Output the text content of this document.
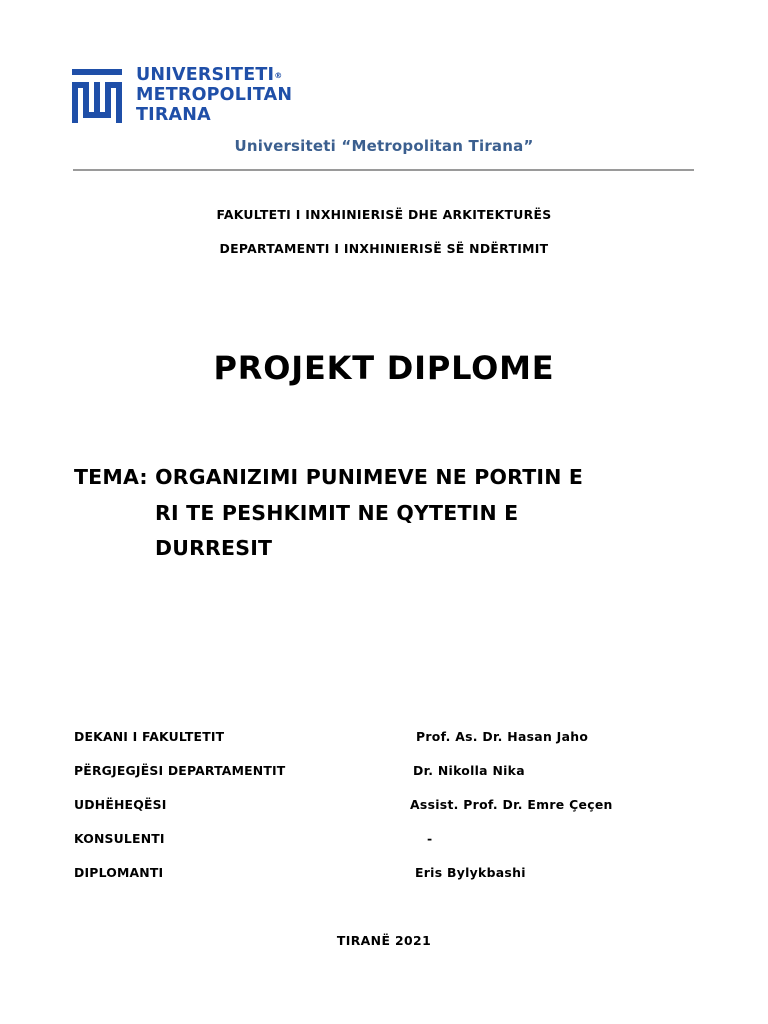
UNIVERSITETI®
METROPOLITAN
TIRANA
Universiteti “Metropolitan Tirana”
FAKULTETI I INXHINIERISË DHE ARKITEKTURËS
DEPARTAMENTI I INXHINIERISË SË NDËRTIMIT
PROJEKT DIPLOME
TEMA: ORGANIZIMI PUNIMEVE NE PORTIN E
RI TE PESHKIMIT NE QYTETIN E
DURRESIT
DEKANI I FAKULTETIT	Prof. As. Dr. Hasan Jaho
PËRGJEGJËSI DEPARTAMENTIT	Dr. Nikolla Nika
UDHËHEQËSI	Assist. Prof. Dr. Emre Çeçen
KONSULENTI	-
DIPLOMANTI	Eris Bylykbashi
TIRANË 2021
